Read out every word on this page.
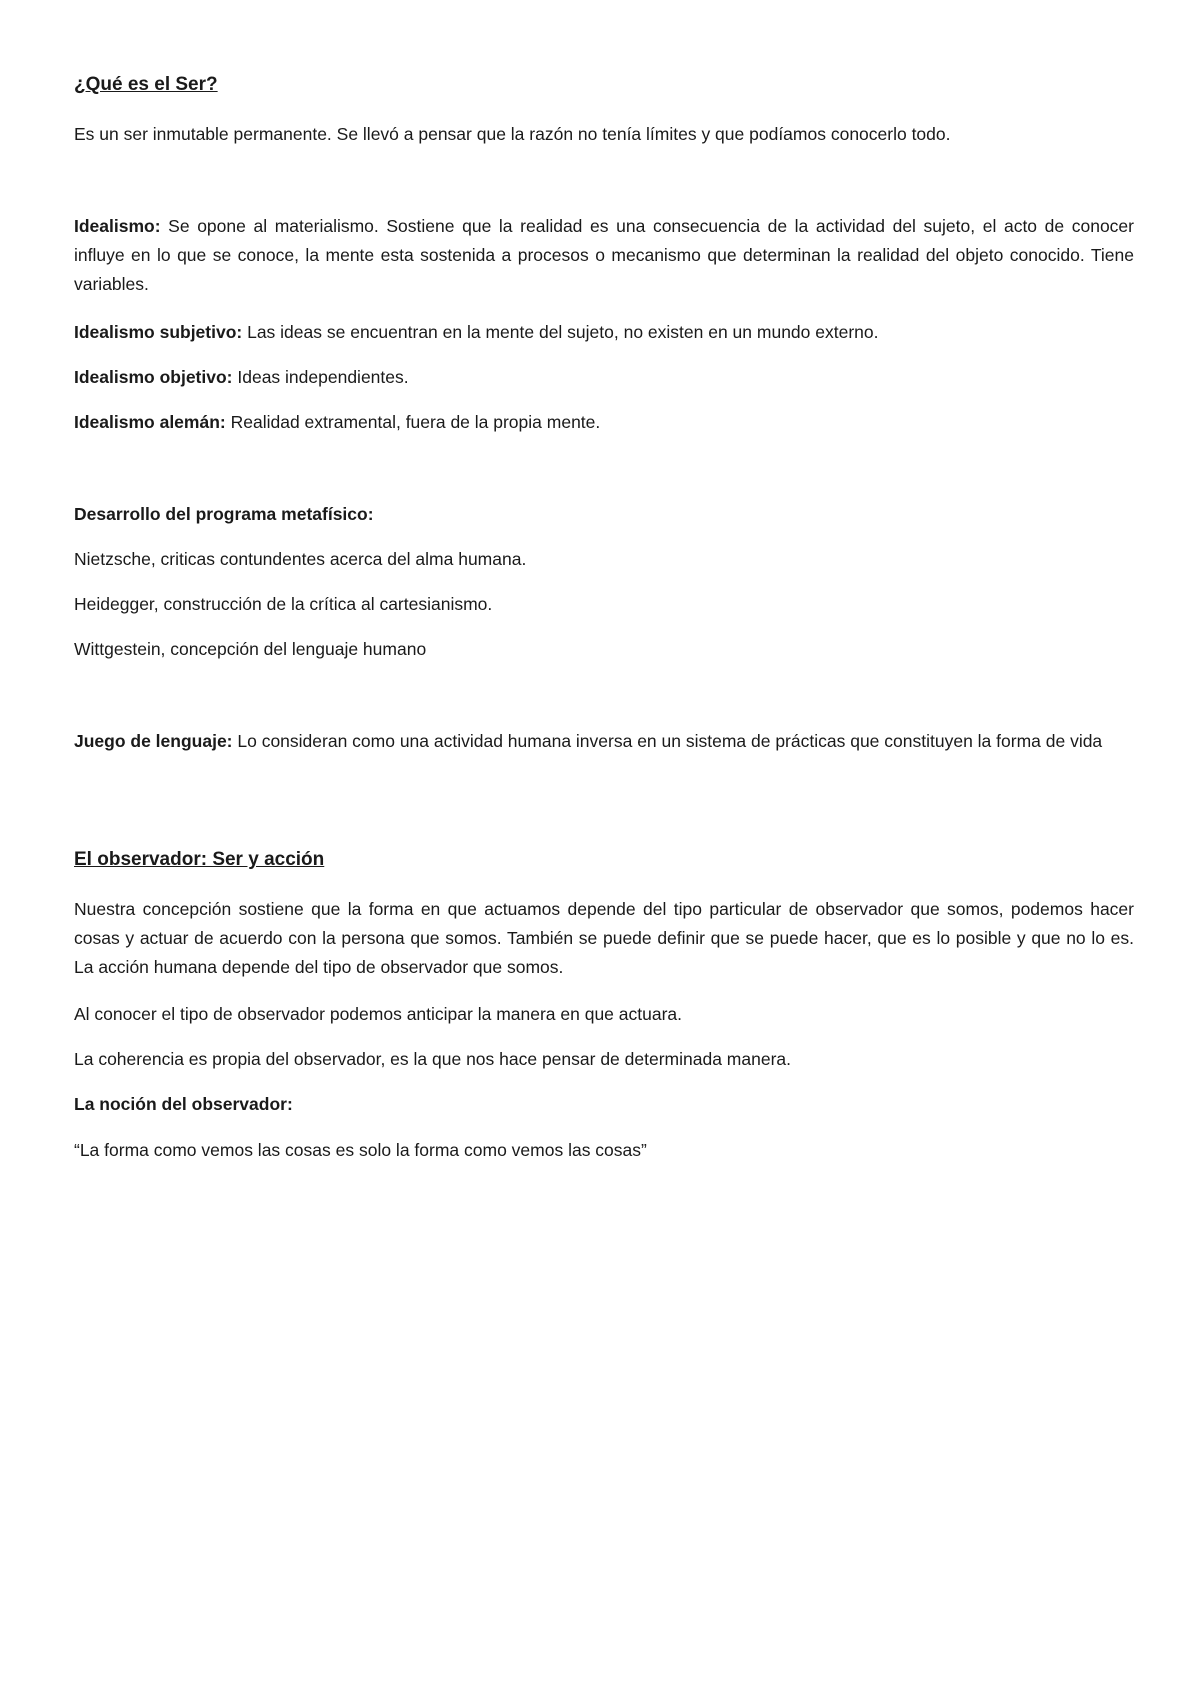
¿Qué es el Ser?

Es un ser inmutable permanente. Se llevó a pensar que la razón no tenía límites y que podíamos conocerlo todo.

Idealismo: Se opone al materialismo. Sostiene que la realidad es una consecuencia de la actividad del sujeto, el acto de conocer influye en lo que se conoce, la mente esta sostenida a procesos o mecanismo que determinan la realidad del objeto conocido. Tiene variables.

Idealismo subjetivo: Las ideas se encuentran en la mente del sujeto, no existen en un mundo externo.

Idealismo objetivo: Ideas independientes.

Idealismo alemán: Realidad extramental, fuera de la propia mente.

Desarrollo del programa metafísico:

Nietzsche, criticas contundentes acerca del alma humana.

Heidegger, construcción de la crítica al cartesianismo.

Wittgestein, concepción del lenguaje humano

Juego de lenguaje: Lo consideran como una actividad humana inversa en un sistema de prácticas que constituyen la forma de vida

El observador: Ser y acción

Nuestra concepción sostiene que la forma en que actuamos depende del tipo particular de observador que somos, podemos hacer cosas y actuar de acuerdo con la persona que somos. También se puede definir que se puede hacer, que es lo posible y que no lo es. La acción humana depende del tipo de observador que somos.

Al conocer el tipo de observador podemos anticipar la manera en que actuara.

La coherencia es propia del observador, es la que nos hace pensar de determinada manera.

La noción del observador:

“La forma como vemos las cosas es solo la forma como vemos las cosas”
